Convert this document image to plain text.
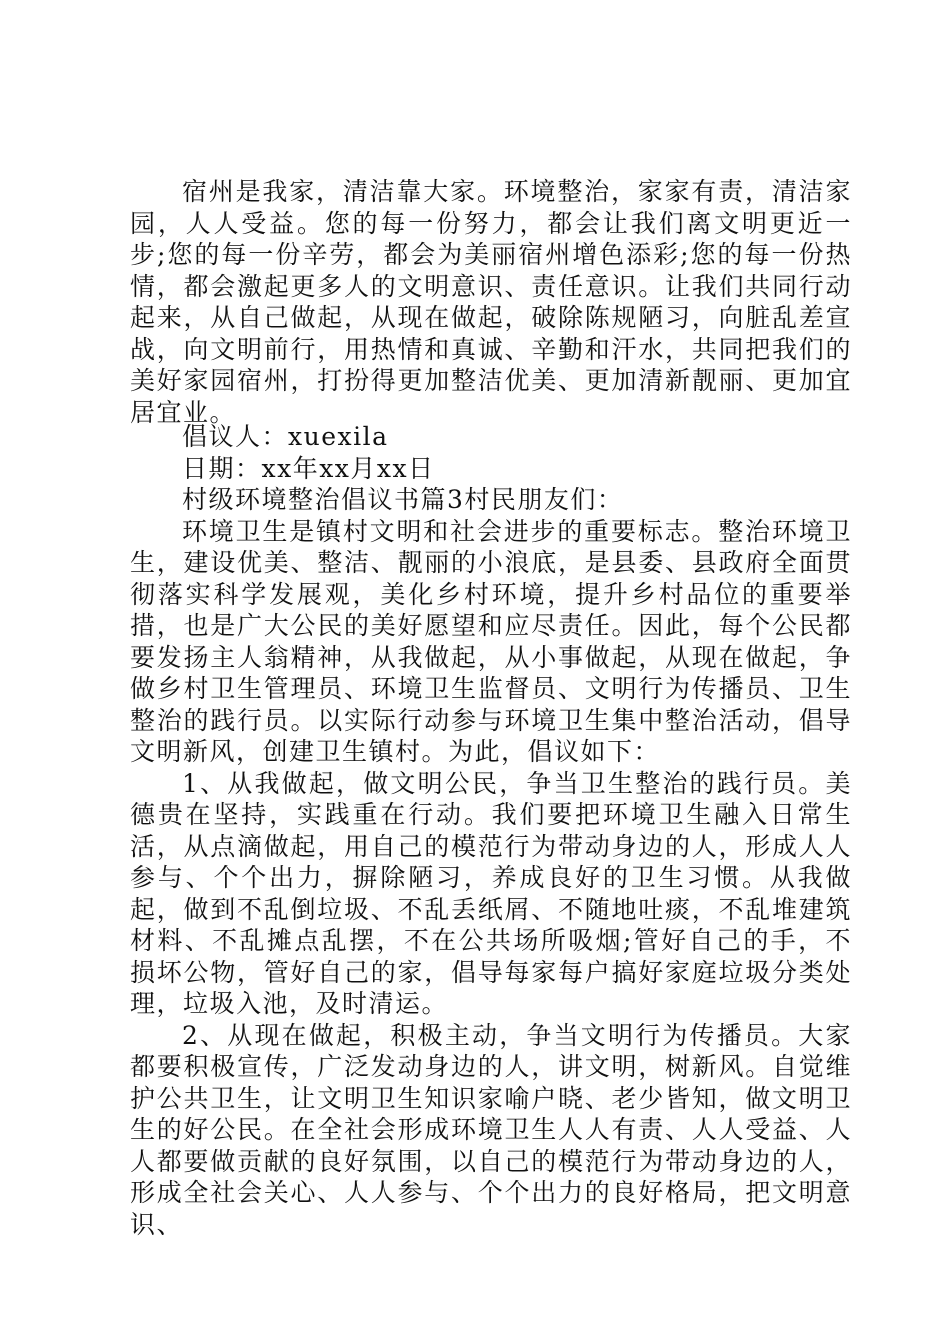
宿州是我家，清洁靠大家。环境整治，家家有责，清洁家园，人人受益。您的每一份努力，都会让我们离文明更近一步;您的每一份辛劳，都会为美丽宿州增色添彩;您的每一份热情，都会激起更多人的文明意识、责任意识。让我们共同行动起来，从自己做起，从现在做起，破除陈规陋习，向脏乱差宣战，向文明前行，用热情和真诚、辛勤和汗水，共同把我们的美好家园宿州，打扮得更加整洁优美、更加清新靓丽、更加宜居宜业。

倡议人：xuexila

日期：xx年xx月xx日

村级环境整治倡议书篇3村民朋友们：

环境卫生是镇村文明和社会进步的重要标志。整治环境卫生，建设优美、整洁、靓丽的小浪底，是县委、县政府全面贯彻落实科学发展观，美化乡村环境，提升乡村品位的重要举措，也是广大公民的美好愿望和应尽责任。因此，每个公民都要发扬主人翁精神，从我做起，从小事做起，从现在做起，争做乡村卫生管理员、环境卫生监督员、文明行为传播员、卫生整治的践行员。以实际行动参与环境卫生集中整治活动，倡导文明新风，创建卫生镇村。为此，倡议如下：

1、从我做起，做文明公民，争当卫生整治的践行员。美德贵在坚持，实践重在行动。我们要把环境卫生融入日常生活，从点滴做起，用自己的模范行为带动身边的人，形成人人参与、个个出力，摒除陋习，养成良好的卫生习惯。从我做起，做到不乱倒垃圾、不乱丢纸屑、不随地吐痰，不乱堆建筑材料、不乱摊点乱摆，不在公共场所吸烟;管好自己的手，不损坏公物，管好自己的家，倡导每家每户搞好家庭垃圾分类处理，垃圾入池，及时清运。

2、从现在做起，积极主动，争当文明行为传播员。大家都要积极宣传，广泛发动身边的人，讲文明，树新风。自觉维护公共卫生，让文明卫生知识家喻户晓、老少皆知，做文明卫生的好公民。在全社会形成环境卫生人人有责、人人受益、人人都要做贡献的良好氛围，以自己的模范行为带动身边的人，形成全社会关心、人人参与、个个出力的良好格局，把文明意识、
